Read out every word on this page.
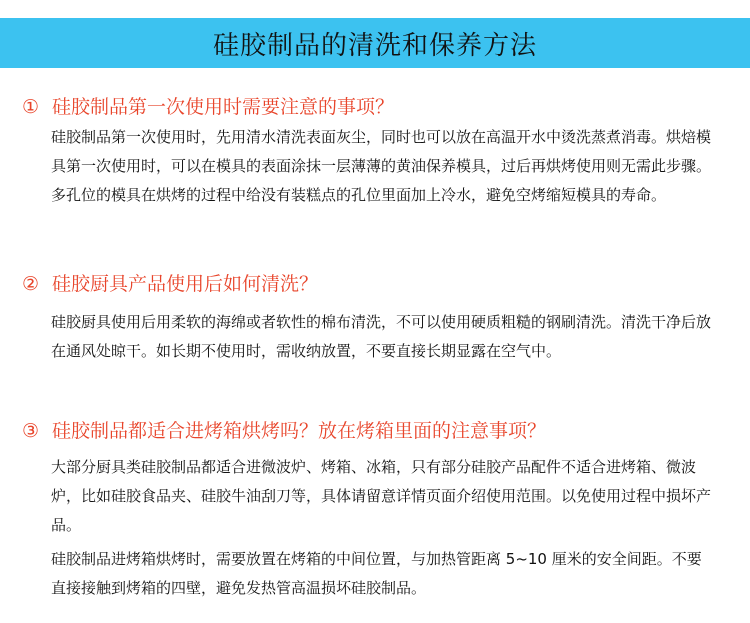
硅胶制品的清洗和保养方法
① 硅胶制品第一次使用时需要注意的事项？

硅胶制品第一次使用时，先用清水清洗表面灰尘，同时也可以放在高温开水中烫洗蒸煮消毒。烘焙模具第一次使用时，可以在模具的表面涂抹一层薄薄的黄油保养模具，过后再烘烤使用则无需此步骤。多孔位的模具在烘烤的过程中给没有装糕点的孔位里面加上冷水，避免空烤缩短模具的寿命。

② 硅胶厨具产品使用后如何清洗？

硅胶厨具使用后用柔软的海绵或者软性的棉布清洗，不可以使用硬质粗糙的钢刷清洗。清洗干净后放在通风处晾干。如长期不使用时，需收纳放置，不要直接长期显露在空气中。

③ 硅胶制品都适合进烤箱烘烤吗？放在烤箱里面的注意事项？

大部分厨具类硅胶制品都适合进微波炉、烤箱、冰箱，只有部分硅胶产品配件不适合进烤箱、微波炉，比如硅胶食品夹、硅胶牛油刮刀等，具体请留意详情页面介绍使用范围。以免使用过程中损坏产品。

硅胶制品进烤箱烘烤时，需要放置在烤箱的中间位置，与加热管距离 5~10 厘米的安全间距。不要直接接触到烤箱的四壁，避免发热管高温损坏硅胶制品。
